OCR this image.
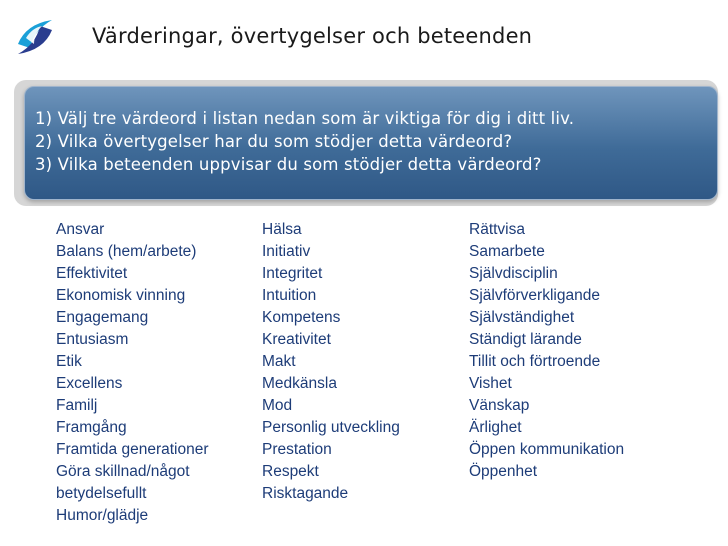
Värderingar, övertygelser och beteenden
1) Välj tre värdeord i listan nedan som är viktiga för dig i ditt liv.
2) Vilka övertygelser har du som stödjer detta värdeord?
3) Vilka beteenden uppvisar du som stödjer detta värdeord?
Ansvar
Balans (hem/arbete)
Effektivitet
Ekonomisk vinning
Engagemang
Entusiasm
Etik
Excellens
Familj
Framgång
Framtida generationer
Göra skillnad/något
betydelsefullt
Humor/glädje
Hälsa
Initiativ
Integritet
Intuition
Kompetens
Kreativitet
Makt
Medkänsla
Mod
Personlig utveckling
Prestation
Respekt
Risktagande
Rättvisa
Samarbete
Självdisciplin
Självförverkligande
Självständighet
Ständigt lärande
Tillit och förtroende
Vishet
Vänskap
Ärlighet
Öppen kommunikation
Öppenhet
